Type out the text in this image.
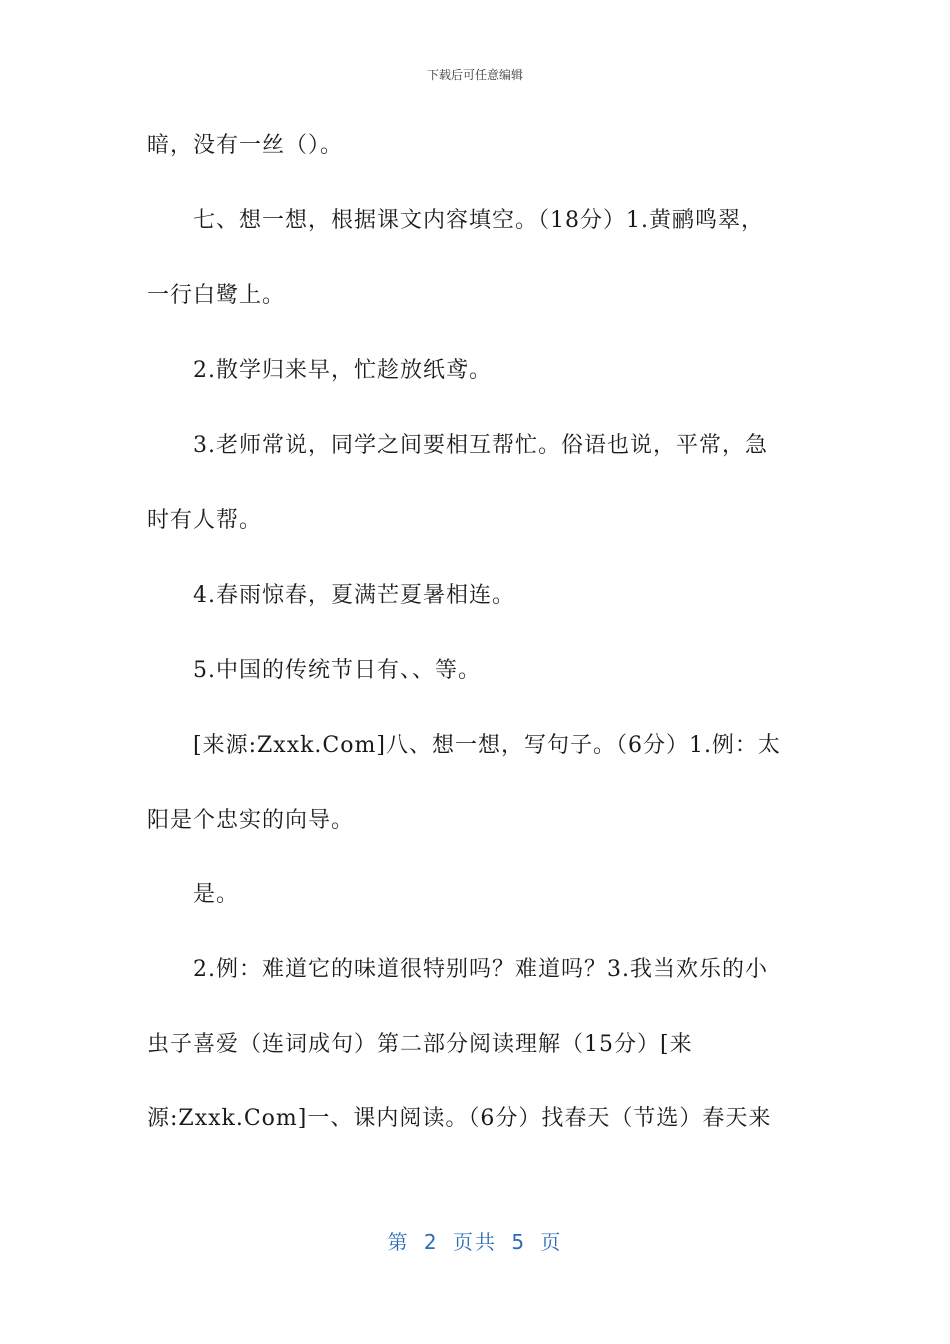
下载后可任意编辑
暗，没有一丝（）。
七、想一想，根据课文内容填空。（18分）1.黄鹂鸣翠，
一行白鹭上。
2.散学归来早，忙趁放纸鸢。
3.老师常说，同学之间要相互帮忙。俗语也说，平常，急
时有人帮。
4.春雨惊春，夏满芒夏暑相连。
5.中国的传统节日有、、等。
[来源:Zxxk.Com]八、想一想，写句子。（6分）1.例：太
阳是个忠实的向导。
是。
2.例：难道它的味道很特别吗？难道吗？3.我当欢乐的小
虫子喜爱（连词成句）第二部分阅读理解（15分）[来
源:Zxxk.Com]一、课内阅读。（6分）找春天（节选）春天来
第 2 页共 5 页
